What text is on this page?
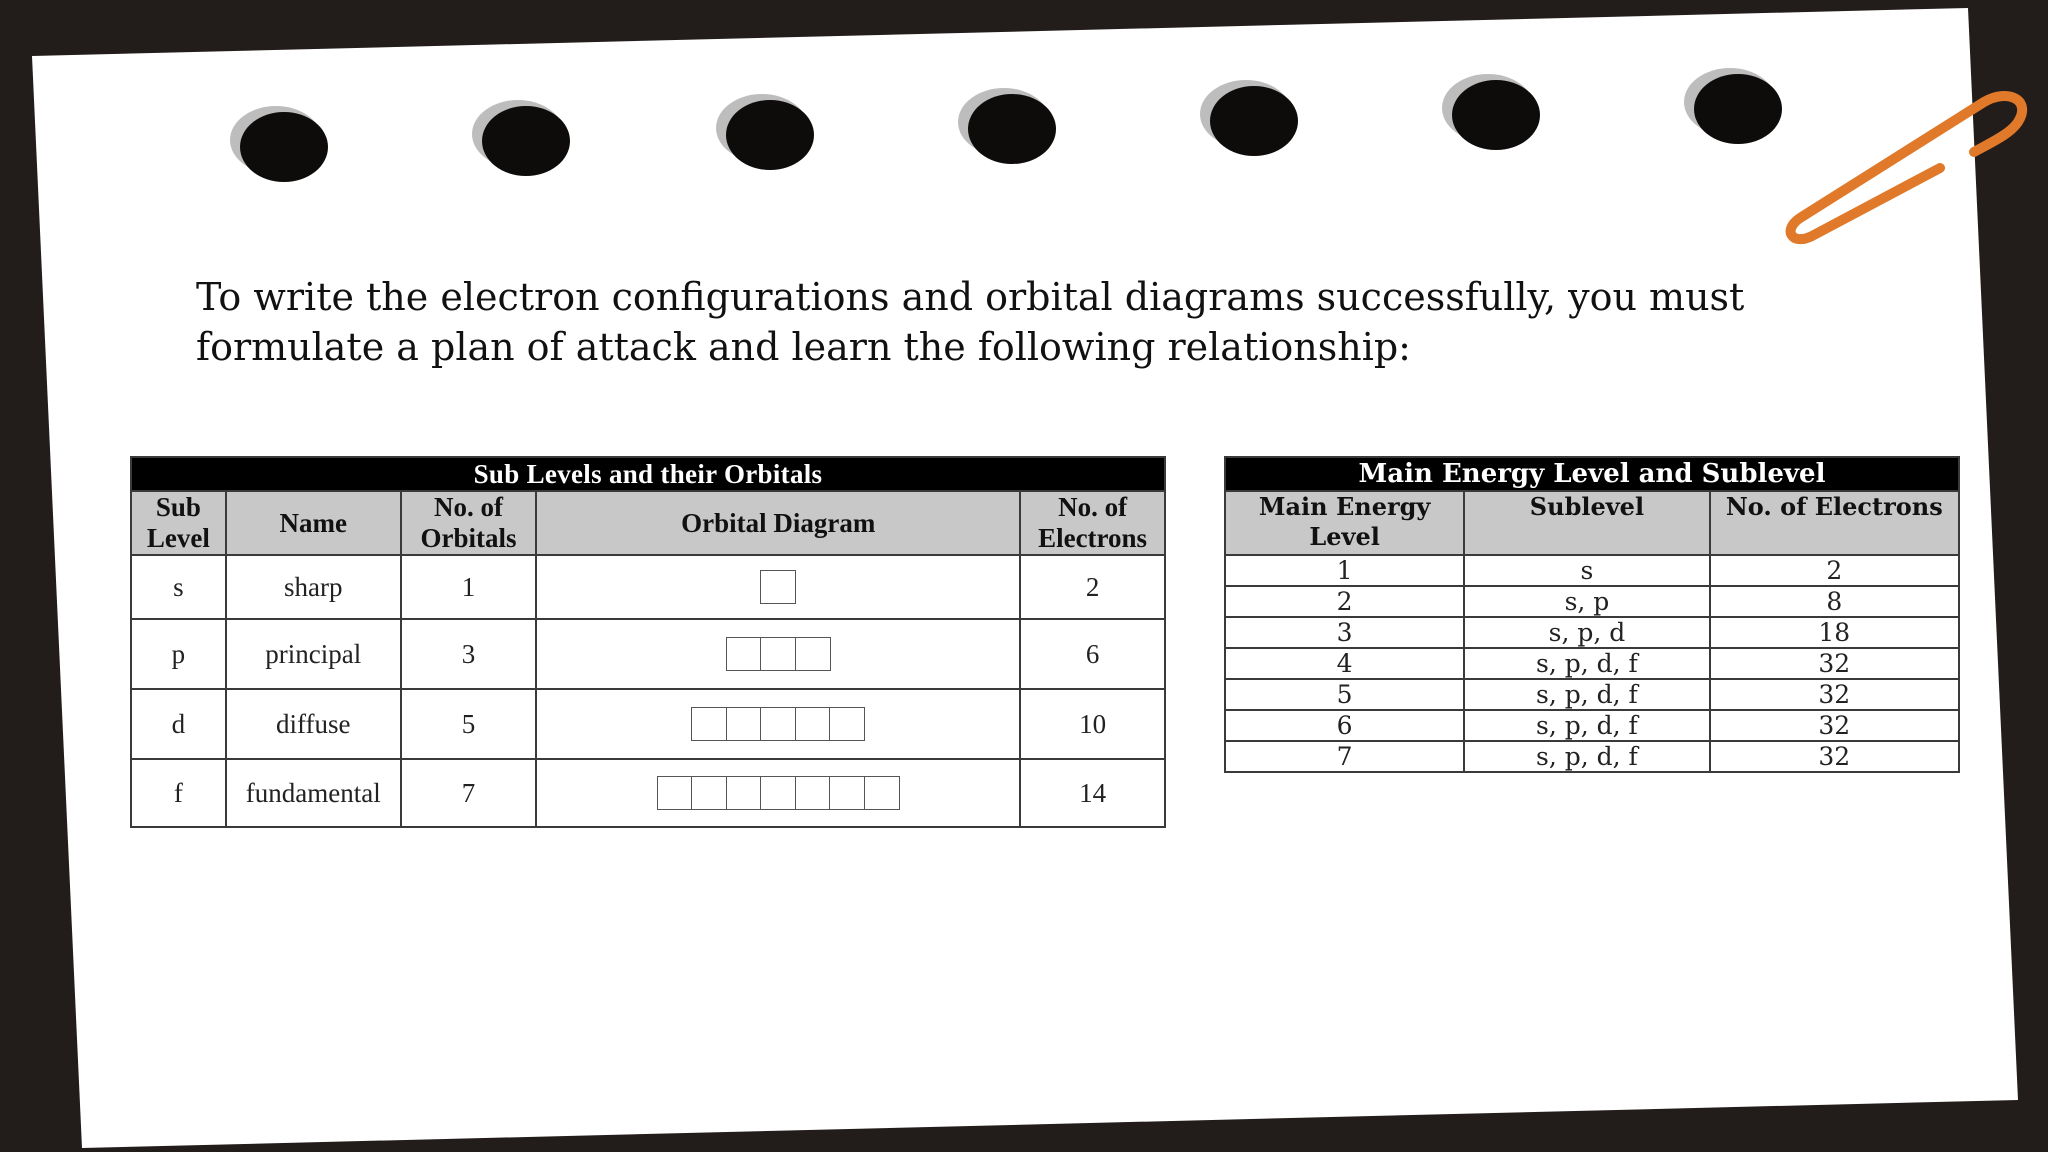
To write the electron configurations and orbital diagrams successfully, you must formulate a plan of attack and learn the following relationship:

Sub Levels and their Orbitals				
Sub Level	Name	No. of Orbitals	Orbital Diagram	No. of Electrons
s	sharp	1		2
p	principal	3		6
d	diffuse	5		10
f	fundamental	7		14
Main Energy Level and Sublevel		
Main Energy Level	Sublevel	No. of Electrons
1	s	2
2	s, p	8
3	s, p, d	18
4	s, p, d, f	32
5	s, p, d, f	32
6	s, p, d, f	32
7	s, p, d, f	32
